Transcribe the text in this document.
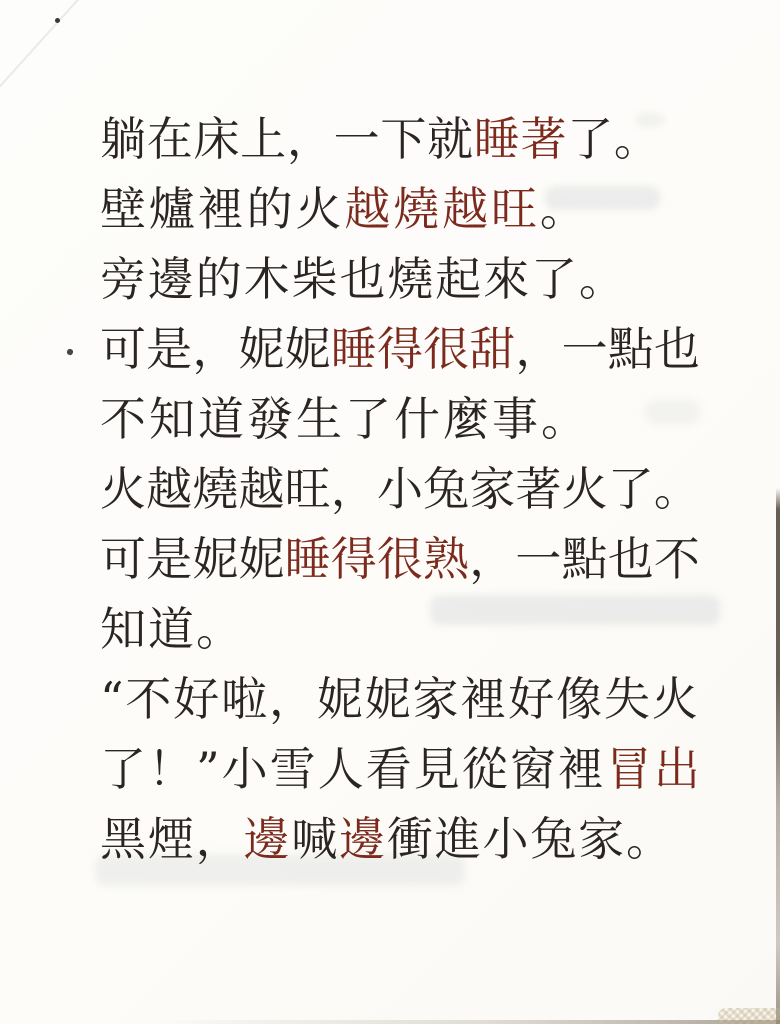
躺 在 床 上 ， 一 下 就 睡 著 了 。
壁 爐 裡 的 火 越 燒 越 旺 。
旁 邊 的 木 柴 也 燒 起 來 了 。
可 是 ， 妮 妮 睡 得 很 甜 ， 一 點 也
不 知 道 發 生 了 什 麼 事 。
火 越 燒 越 旺 ， 小 兔 家 著 火 了 。
可 是 妮 妮 睡 得 很 熟 ， 一 點 也 不
知 道 。
“ 不 好 啦 ， 妮 妮 家 裡 好 像 失 火
了 ！ ” 小 雪 人 看 見 從 窗 裡 冒 出
黑 煙 ， 邊 喊 邊 衝 進 小 兔 家 。
